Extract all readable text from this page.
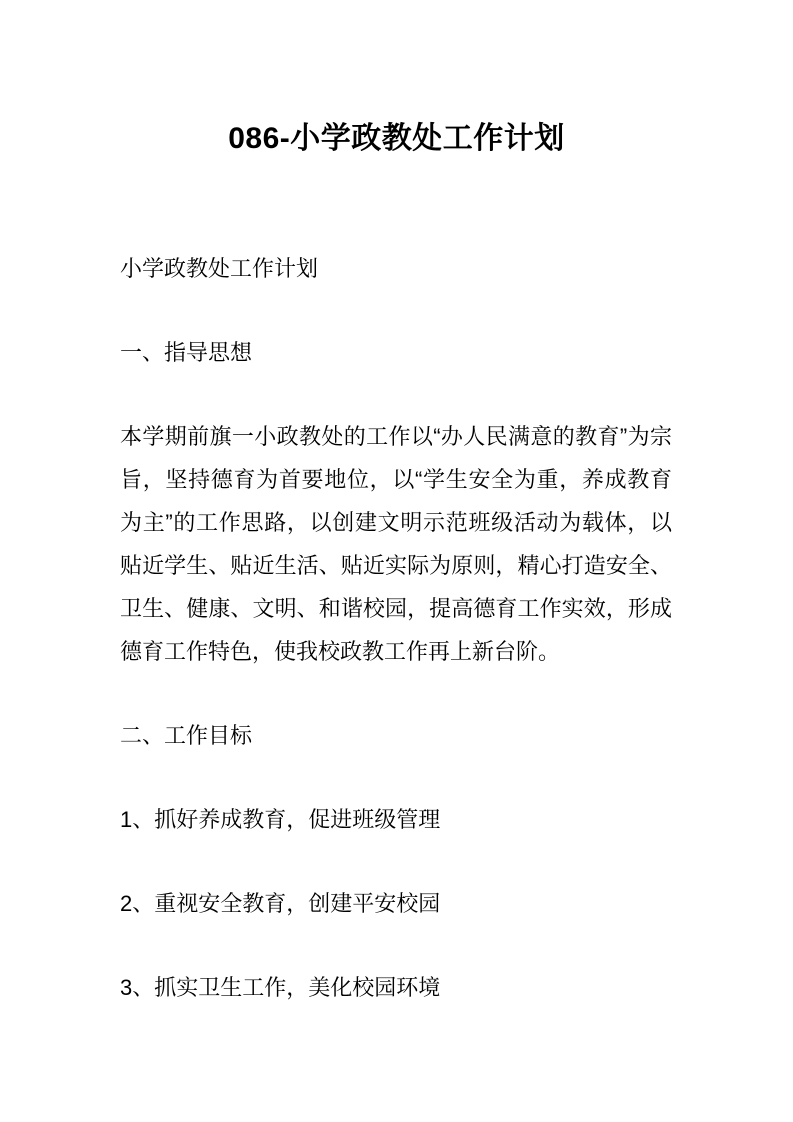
086-小学政教处工作计划

小学政教处工作计划

一、指导思想

本学期前旗一小政教处的工作以“办人民满意的教育”为宗旨，坚持德育为首要地位，以“学生安全为重，养成教育为主”的工作思路，以创建文明示范班级活动为载体，以贴近学生、贴近生活、贴近实际为原则，精心打造安全、卫生、健康、文明、和谐校园，提高德育工作实效，形成德育工作特色，使我校政教工作再上新台阶。

二、工作目标

1、抓好养成教育，促进班级管理

2、重视安全教育，创建平安校园

3、抓实卫生工作，美化校园环境
